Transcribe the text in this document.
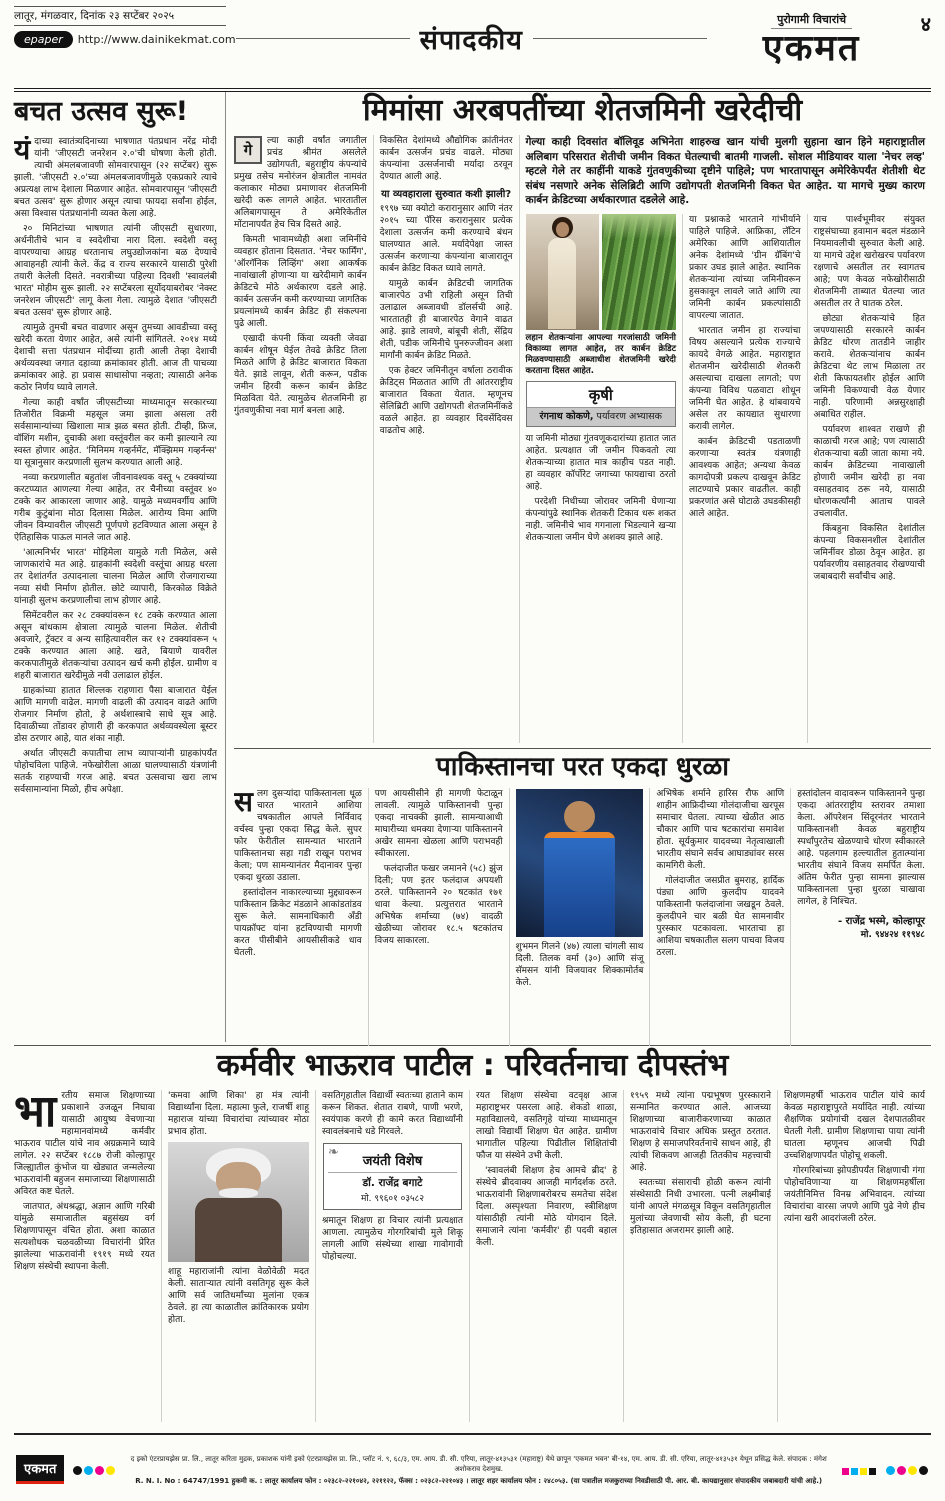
लातूर, मंगळवार, दिनांक २३ सप्टेंबर २०२५
epaper	http://www.dainikekmat.com	संपादकीय
पुरोगामी विचारांचे
एकमत
४
बचत उत्सव सुरू!
यं दाच्या स्वातंत्र्यदिनाच्या भाषणात पंतप्रधान नरेंद्र मोदी यांनी 'जीएसटी जनरेशन २.०'ची घोषणा केली होती. त्याची अंमलबजावणी सोमवारपासून (२२ सप्टेंबर) सुरू झाली. 'जीएसटी २.०'च्या अंमलबजावणीमुळे एकप्रकारे त्याचे अप्रत्यक्ष लाभ देशाला मिळणार आहेत. सोमवारपासून 'जीएसटी बचत उत्सव' सुरू होणार असून त्याचा फायदा सर्वांना होईल, असा विश्वास पंतप्रधानांनी व्यक्त केला आहे.

२० मिनिटांच्या भाषणात त्यांनी जीएसटी सुधारणा, अर्थनीतीचे भान व स्वदेशीचा नारा दिला. स्वदेशी वस्तू वापरण्याचा आग्रह धरतानाच लघुउद्योजकांना बळ देण्याचे आवाहनही त्यांनी केले. केंद्र व राज्य सरकारने यासाठी पुरेशी तयारी केलेली दिसते. नवरात्रीच्या पहिल्या दिवशी 'स्वावलंबी भारत' मोहीम सुरू झाली. २२ सप्टेंबरला सूर्योदयाबरोबर 'नेक्स्ट जनरेशन जीएसटी' लागू केला गेला. त्यामुळे देशात 'जीएसटी बचत उत्सव' सुरू होणार आहे.

त्यामुळे तुमची बचत वाढणार असून तुमच्या आवडीच्या वस्तू खरेदी करता येणार आहेत, असे त्यांनी सांगितले. २०१४ मध्ये देशाची सत्ता पंतप्रधान मोदींच्या हाती आली तेव्हा देशाची अर्थव्यवस्था जगात दहाव्या क्रमांकावर होती. आज ती पाचव्या क्रमांकावर आहे. हा प्रवास साधासोपा नव्हता; त्यासाठी अनेक कठोर निर्णय घ्यावे लागले.

गेल्या काही वर्षांत जीएसटीच्या माध्यमातून सरकारच्या तिजोरीत विक्रमी महसूल जमा झाला असला तरी सर्वसामान्यांच्या खिशाला मात्र झळ बसत होती. टीव्ही, फ्रिज, वॉशिंग मशीन, दुचाकी अशा वस्तूंवरील कर कमी झाल्याने त्या स्वस्त होणार आहेत. 'मिनिमम गव्हर्नमेंट, मॅक्झिमम गव्हर्नन्स' या सूत्रानुसार करप्रणाली सुलभ करण्यात आली आहे.

नव्या करप्रणालीत बहुतांश जीवनावश्यक वस्तू ५ टक्क्यांच्या करटप्प्यात आणल्या गेल्या आहेत, तर चैनीच्या वस्तूंवर ४० टक्के कर आकारला जाणार आहे. यामुळे मध्यमवर्गीय आणि गरीब कुटुंबांना मोठा दिलासा मिळेल. आरोग्य विमा आणि जीवन विम्यावरील जीएसटी पूर्णपणे हटविण्यात आला असून हे ऐतिहासिक पाऊल मानले जात आहे.

'आत्मनिर्भर भारत' मोहिमेला यामुळे गती मिळेल, असे जाणकारांचे मत आहे. ग्राहकांनी स्वदेशी वस्तूंचा आग्रह धरला तर देशांतर्गत उत्पादनाला चालना मिळेल आणि रोजगाराच्या नव्या संधी निर्माण होतील. छोटे व्यापारी, किरकोळ विक्रेते यांनाही सुलभ करप्रणालीचा लाभ होणार आहे.

सिमेंटवरील कर २८ टक्क्यांवरून १८ टक्के करण्यात आला असून बांधकाम क्षेत्राला त्यामुळे चालना मिळेल. शेतीची अवजारे, ट्रॅक्टर व अन्य साहित्यावरील कर १२ टक्क्यांवरून ५ टक्के करण्यात आला आहे. खते, बियाणे यावरील करकपातीमुळे शेतकऱ्यांचा उत्पादन खर्च कमी होईल. ग्रामीण व शहरी बाजारात खरेदीमुळे नवी उलाढाल होईल.

ग्राहकांच्या हातात शिल्लक राहणारा पैसा बाजारात येईल आणि मागणी वाढेल. मागणी वाढली की उत्पादन वाढते आणि रोजगार निर्माण होतो, हे अर्थशास्त्राचे साधे सूत्र आहे. दिवाळीच्या तोंडावर होणारी ही करकपात अर्थव्यवस्थेला बूस्टर डोस ठरणार आहे, यात शंका नाही.

अर्थात जीएसटी कपातीचा लाभ व्यापाऱ्यांनी ग्राहकांपर्यंत पोहोचविला पाहिजे. नफेखोरीला आळा घालण्यासाठी यंत्रणांनी सतर्क राहण्याची गरज आहे. बचत उत्सवाचा खरा लाभ सर्वसामान्यांना मिळो, हीच अपेक्षा.

मिमांसा अरबपतींच्या शेतजमिनी खरेदीची
गे	ल्या काही वर्षांत जगातील प्रचंड श्रीमंत असलेले उद्योगपती, बहुराष्ट्रीय कंपन्यांचे प्रमुख तसेच मनोरंजन क्षेत्रातील नामवंत कलाकार मोठ्या प्रमाणावर शेतजमिनी खरेदी करू लागले आहेत. भारतातील अलिबागपासून ते अमेरिकेतील मोंटानापर्यंत हेच चित्र दिसते आहे.

किमती भावामध्येही अशा जमिनींचे व्यवहार होताना दिसतात. 'नेचर फार्मिंग', 'ऑरगॅनिक लिव्हिंग' अशा आकर्षक नावांखाली होणाऱ्या या खरेदीमागे कार्बन क्रेडिटचे मोठे अर्थकारण दडले आहे. कार्बन उत्सर्जन कमी करण्याच्या जागतिक प्रयत्नांमध्ये कार्बन क्रेडिट ही संकल्पना पुढे आली.

एखादी कंपनी किंवा व्यक्ती जेवढा कार्बन शोषून घेईल तेवढे क्रेडिट तिला मिळते आणि हे क्रेडिट बाजारात विकता येते. झाडे लावून, शेती करून, पडीक जमीन हिरवी करून कार्बन क्रेडिट मिळविता येते. त्यामुळेच शेतजमिनी हा गुंतवणुकीचा नवा मार्ग बनला आहे.

विकसित देशांमध्ये औद्योगिक क्रांतीनंतर कार्बन उत्सर्जन प्रचंड वाढले. मोठ्या कंपन्यांना उत्सर्जनाची मर्यादा ठरवून देण्यात आली आहे.

या व्यवहाराला सुरुवात कशी झाली?

१९९७ च्या क्योटो करारानुसार आणि नंतर २०१५ च्या पॅरिस करारानुसार प्रत्येक देशाला उत्सर्जन कमी करण्याचे बंधन घालण्यात आले. मर्यादेपेक्षा जास्त उत्सर्जन करणाऱ्या कंपन्यांना बाजारातून कार्बन क्रेडिट विकत घ्यावे लागते.

यामुळे कार्बन क्रेडिटची जागतिक बाजारपेठ उभी राहिली असून तिची उलाढाल अब्जावधी डॉलर्सची आहे. भारतातही ही बाजारपेठ वेगाने वाढत आहे. झाडे लावणे, बांबूची शेती, सेंद्रिय शेती, पडीक जमिनीचे पुनरुज्जीवन अशा मार्गांनी कार्बन क्रेडिट मिळते.

एक हेक्टर जमिनीतून वर्षाला ठरावीक क्रेडिट्स मिळतात आणि ती आंतरराष्ट्रीय बाजारात विकता येतात. म्हणूनच सेलिब्रिटी आणि उद्योगपती शेतजमिनींकडे वळले आहेत. हा व्यवहार दिवसेंदिवस वाढतोच आहे.

गेल्या काही दिवसांत बॉलिवूड अभिनेता शाहरुख खान यांची मुलगी सुहाना खान हिने महाराष्ट्रातील अलिबाग परिसरात शेतीची जमीन विकत घेतल्याची बातमी गाजली. सोशल मीडियावर याला 'नेचर लव्ह' म्हटले गेले तर काहींनी याकडे गुंतवणुकीच्या दृष्टीने पाहिले; पण भारतापासून अमेरिकेपर्यंत शेतीशी थेट संबंध नसणारे अनेक सेलिब्रिटी आणि उद्योगपती शेतजमिनी विकत घेत आहेत. या मागचे मुख्य कारण कार्बन क्रेडिटच्या अर्थकारणात दडलेले आहे.

लहान शेतकऱ्यांना आपल्या गरजांसाठी जमिनी विकाव्या लागत आहेत, तर कार्बन क्रेडिट मिळवण्यासाठी अब्जाधीश शेतजमिनी खरेदी करताना दिसत आहेत.

कृषी
रंगनाथ कोकणे, पर्यावरण अभ्यासक

या जमिनी मोठ्या गुंतवणूकदारांच्या हातात जात आहेत. प्रत्यक्षात जी जमीन पिकवतो त्या शेतकऱ्याच्या हातात मात्र काहीच पडत नाही. हा व्यवहार कॉर्पोरेट जगाच्या फायद्याचा ठरतो आहे.

परदेशी निधीच्या जोरावर जमिनी घेणाऱ्या कंपन्यांपुढे स्थानिक शेतकरी टिकाव धरू शकत नाही. जमिनीचे भाव गगनाला भिडल्याने खऱ्या शेतकऱ्याला जमीन घेणे अशक्य झाले आहे.

या प्रश्नाकडे भारताने गांभीर्याने पाहिले पाहिजे. आफ्रिका, लॅटिन अमेरिका आणि आशियातील अनेक देशांमध्ये 'ग्रीन ग्रॅबिंग'चे प्रकार उघड झाले आहेत. स्थानिक शेतकऱ्यांना त्यांच्या जमिनीवरून हुसकावून लावले जाते आणि त्या जमिनी कार्बन प्रकल्पांसाठी वापरल्या जातात.

भारतात जमीन हा राज्यांचा विषय असल्याने प्रत्येक राज्याचे कायदे वेगळे आहेत. महाराष्ट्रात शेतजमीन खरेदीसाठी शेतकरी असल्याचा दाखला लागतो; पण कंपन्या विविध पळवाटा शोधून जमिनी घेत आहेत. हे थांबवायचे असेल तर कायद्यात सुधारणा करावी लागेल.

कार्बन क्रेडिटची पडताळणी करणाऱ्या स्वतंत्र यंत्रणाही आवश्यक आहेत; अन्यथा केवळ कागदोपत्री प्रकल्प दाखवून क्रेडिट लाटण्याचे प्रकार वाढतील. काही प्रकरणांत असे घोटाळे उघडकीसही आले आहेत.

याच पार्श्वभूमीवर संयुक्त राष्ट्रसंघाच्या हवामान बदल मंडळाने नियमावलीची सुरुवात केली आहे. या मागचे उद्देश खरोखरच पर्यावरण रक्षणाचे असतील तर स्वागतच आहे; पण केवळ नफेखोरीसाठी शेतजमिनी ताब्यात घेतल्या जात असतील तर ते घातक ठरेल.

छोट्या शेतकऱ्यांचे हित जपण्यासाठी सरकारने कार्बन क्रेडिट धोरण तातडीने जाहीर करावे. शेतकऱ्यांनाच कार्बन क्रेडिटचा थेट लाभ मिळाला तर शेती किफायतशीर होईल आणि जमिनी विकण्याची वेळ येणार नाही. परिणामी अन्नसुरक्षाही अबाधित राहील.

पर्यावरण शाश्वत राखणे ही काळाची गरज आहे; पण त्यासाठी शेतकऱ्याचा बळी जाता कामा नये. कार्बन क्रेडिटच्या नावाखाली होणारी जमीन खरेदी हा नवा वसाहतवाद ठरू नये, यासाठी धोरणकर्त्यांनी आताच पावले उचलावीत.

किंबहुना विकसित देशांतील कंपन्या विकसनशील देशांतील जमिनींवर डोळा ठेवून आहेत. हा पर्यावरणीय वसाहतवाद रोखण्याची जबाबदारी सर्वांचीच आहे.

पाकिस्तानचा परत एकदा धुरळा
स लग दुसऱ्यांदा पाकिस्तानला धूळ चारत भारताने आशिया चषकातील आपले निर्विवाद वर्चस्व पुन्हा एकदा सिद्ध केले. सुपर फोर फेरीतील सामन्यात भारताने पाकिस्तानचा सहा गडी राखून पराभव केला; पण सामन्यानंतर मैदानावर पुन्हा एकदा धुरळा उडाला.

हस्तांदोलन नाकारल्याच्या मुद्द्यावरून पाकिस्तान क्रिकेट मंडळाने आकांडतांडव सुरू केले. सामनाधिकारी अँडी पायक्रॉफ्ट यांना हटविण्याची मागणी करत पीसीबीने आयसीसीकडे धाव घेतली.

पण आयसीसीने ही मागणी फेटाळून लावली. त्यामुळे पाकिस्तानची पुन्हा एकदा नाचक्की झाली. सामन्याआधी माघारीच्या धमक्या देणाऱ्या पाकिस्तानने अखेर सामना खेळला आणि पराभवही स्वीकारला.

फलंदाजीत फखर जमानने (५८) झुंज दिली; पण इतर फलंदाज अपयशी ठरले. पाकिस्तानने २० षटकांत १७१ धावा केल्या. प्रत्युत्तरात भारताने अभिषेक शर्माच्या (७४) वादळी खेळीच्या जोरावर १८.५ षटकांतच विजय साकारला.

शुभमन गिलने (४७) त्याला चांगली साथ दिली. तिलक वर्मा (३०) आणि संजू सॅमसन यांनी विजयावर शिक्कामोर्तब केले.

अभिषेक शर्माने हारिस रौफ आणि शाहीन आफ्रिदीच्या गोलंदाजीचा खरपूस समाचार घेतला. त्याच्या खेळीत आठ चौकार आणि पाच षटकारांचा समावेश होता. सूर्यकुमार यादवच्या नेतृत्वाखाली भारतीय संघाने सर्वच आघाड्यांवर सरस कामगिरी केली.

गोलंदाजीत जसप्रीत बुमराह, हार्दिक पंड्या आणि कुलदीप यादवने पाकिस्तानी फलंदाजांना जखडून ठेवले. कुलदीपने चार बळी घेत सामनावीर पुरस्कार पटकावला. भारताचा हा आशिया चषकातील सलग पाचवा विजय ठरला.

हस्तांदोलन वादावरून पाकिस्तानने पुन्हा एकदा आंतरराष्ट्रीय स्तरावर तमाशा केला. ऑपरेशन सिंदूरनंतर भारताने पाकिस्तानशी केवळ बहुराष्ट्रीय स्पर्धांपुरतेच खेळण्याचे धोरण स्वीकारले आहे. पहलगाम हल्ल्यातील हुतात्म्यांना भारतीय संघाने विजय समर्पित केला. अंतिम फेरीत पुन्हा सामना झाल्यास पाकिस्तानला पुन्हा धुरळा चाखावा लागेल, हे निश्चित.

- राजेंद्र भस्मे, कोल्हापूर
मो. ९४४२४ ११९४८
कर्मवीर भाऊराव पाटील : परिवर्तनाचा दीपस्तंभ
भा रतीय समाज शिक्षणाच्या प्रकाशाने उजळून निघावा यासाठी आयुष्य वेचणाऱ्या महामानवांमध्ये कर्मवीर भाऊराव पाटील यांचे नाव अग्रक्रमाने घ्यावे लागेल. २२ सप्टेंबर १८८७ रोजी कोल्हापूर जिल्ह्यातील कुंभोज या खेड्यात जन्मलेल्या भाऊरावांनी बहुजन समाजाच्या शिक्षणासाठी अविरत कष्ट घेतले.

जातपात, अंधश्रद्धा, अज्ञान आणि गरिबी यांमुळे समाजातील बहुसंख्य वर्ग शिक्षणापासून वंचित होता. अशा काळात सत्यशोधक चळवळीच्या विचारांनी प्रेरित झालेल्या भाऊरावांनी १९१९ मध्ये रयत शिक्षण संस्थेची स्थापना केली.

'कमवा आणि शिका' हा मंत्र त्यांनी विद्यार्थ्यांना दिला. महात्मा फुले, राजर्षी शाहू महाराज यांच्या विचारांचा त्यांच्यावर मोठा प्रभाव होता.

शाहू महाराजांनी त्यांना वेळोवेळी मदत केली. साताऱ्यात त्यांनी वसतिगृह सुरू केले आणि सर्व जातिधर्मांच्या मुलांना एकत्र ठेवले. हा त्या काळातील क्रांतिकारक प्रयोग होता.

वसतिगृहातील विद्यार्थी स्वतःच्या हाताने काम करून शिकत. शेतात राबणे, पाणी भरणे, स्वयंपाक करणे ही कामे करत विद्यार्थ्यांनी स्वावलंबनाचे धडे गिरवले.

❧
जयंती विशेष
डॉ. राजेंद्र बगाटे
मो. ९९६०१ ०३५८२

श्रमातून शिक्षण हा विचार त्यांनी प्रत्यक्षात आणला. त्यामुळेच गोरगरिबांची मुले शिकू लागली आणि संस्थेच्या शाखा गावोगावी पोहोचल्या.

रयत शिक्षण संस्थेचा वटवृक्ष आज महाराष्ट्रभर पसरला आहे. शेकडो शाळा, महाविद्यालये, वसतिगृहे यांच्या माध्यमातून लाखो विद्यार्थी शिक्षण घेत आहेत. ग्रामीण भागातील पहिल्या पिढीतील शिक्षितांची फौज या संस्थेने उभी केली.

'स्वावलंबी शिक्षण हेच आमचे ब्रीद' हे संस्थेचे ब्रीदवाक्य आजही मार्गदर्शक ठरते. भाऊरावांनी शिक्षणाबरोबरच समतेचा संदेश दिला. अस्पृश्यता निवारण, स्त्रीशिक्षण यांसाठीही त्यांनी मोठे योगदान दिले. समाजाने त्यांना 'कर्मवीर' ही पदवी बहाल केली.

१९५९ मध्ये त्यांना पद्मभूषण पुरस्काराने सन्मानित करण्यात आले. आजच्या शिक्षणाच्या बाजारीकरणाच्या काळात भाऊरावांचे विचार अधिक प्रस्तुत ठरतात. शिक्षण हे समाजपरिवर्तनाचे साधन आहे, ही त्यांची शिकवण आजही तितकीच महत्त्वाची आहे.

स्वतःच्या संसाराची होळी करून त्यांनी संस्थेसाठी निधी उभारला. पत्नी लक्ष्मीबाई यांनी आपले मंगळसूत्र विकून वसतिगृहातील मुलांच्या जेवणाची सोय केली, ही घटना इतिहासात अजरामर झाली आहे.

शिक्षणमहर्षी भाऊराव पाटील यांचे कार्य केवळ महाराष्ट्रापुरते मर्यादित नाही. त्यांच्या शैक्षणिक प्रयोगांची दखल देशपातळीवर घेतली गेली. ग्रामीण शिक्षणाचा पाया त्यांनी घातला म्हणूनच आजची पिढी उच्चशिक्षणापर्यंत पोहोचू शकली.

गोरगरिबांच्या झोपडीपर्यंत शिक्षणाची गंगा पोहोचविणाऱ्या या शिक्षणमहर्षीला जयंतीनिमित्त विनम्र अभिवादन. त्यांच्या विचारांचा वारसा जपणे आणि पुढे नेणे हीच त्यांना खरी आदरांजली ठरेल.

एकमत
द इको एंटरप्रायझेस प्रा. लि., लातूर करिता मुद्रक, प्रकाशक यांनी इको एंटरप्रायझेस प्रा. लि., प्लॉट नं. ९, ६८/३, एम. आय. डी. सी. एरिया, लातूर-४१३५३१ (महाराष्ट्र) येथे छापून 'एकमत भवन' बी-१४, एम. आय. डी. सी. एरिया, लातूर-४१३५३१ येथून प्रसिद्ध केले. संपादक : मंगेश अशोकराव देशमुख.
R. N. I. No : 64747/1991 हुकमी क. : लातूर कार्यालय फोन : ०२३८२-२२१०४२, २२११२२, फॅक्स : ०२३८२-२२१०४३ । लातूर शहर कार्यालय फोन : २४८०५३. (या पत्रातील मजकुराच्या निवडीसाठी पी. आर. बी. कायद्यानुसार संपादकीय जबाबदारी यांची आहे.)
